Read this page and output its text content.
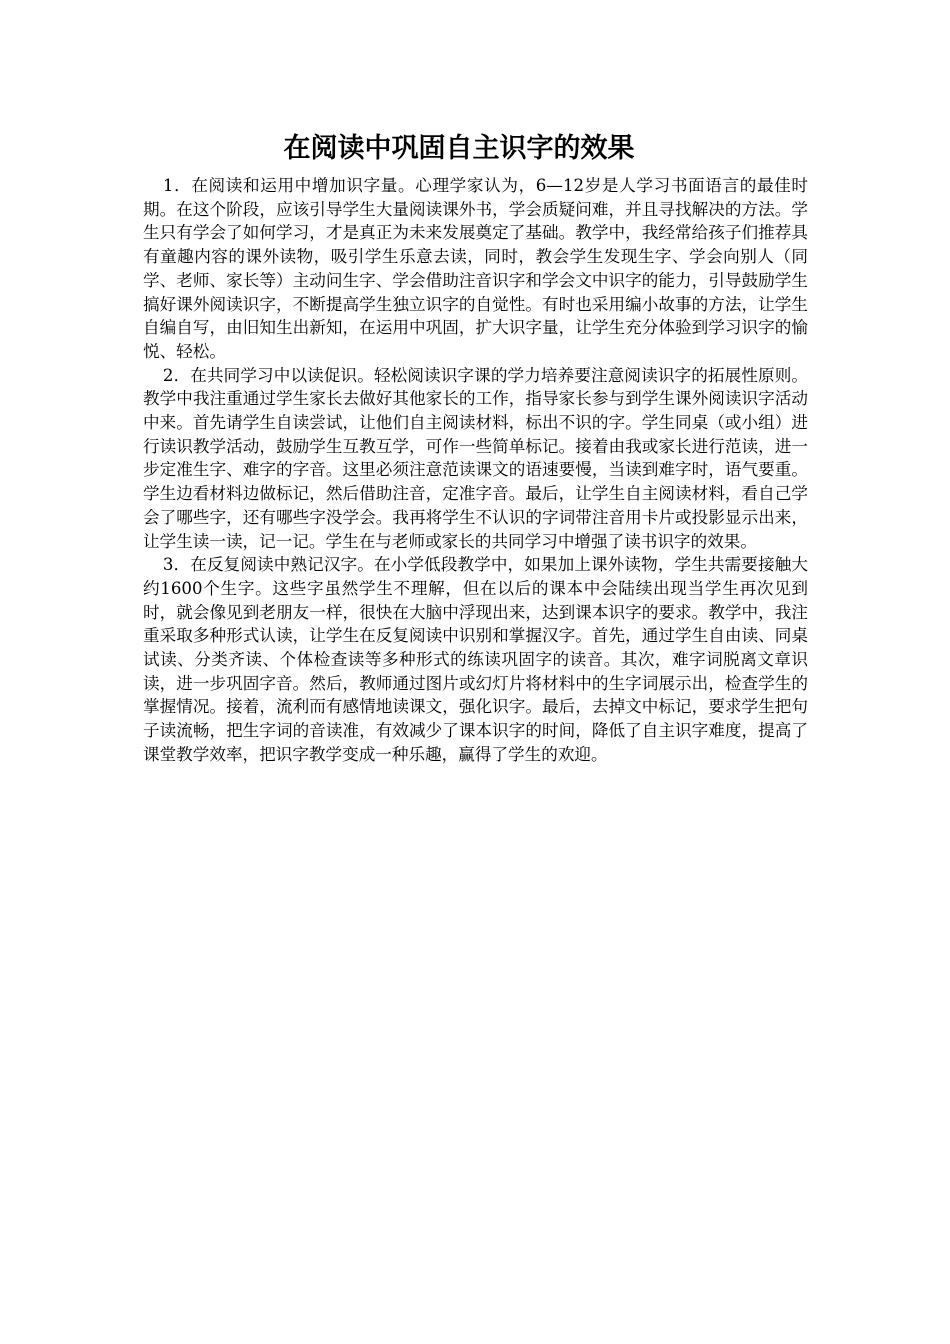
在阅读中巩固自主识字的效果

1．在阅读和运用中增加识字量。心理学家认为，6—12岁是人学习书面语言的最佳时期。在这个阶段，应该引导学生大量阅读课外书，学会质疑问难，并且寻找解决的方法。学生只有学会了如何学习，才是真正为未来发展奠定了基础。教学中，我经常给孩子们推荐具有童趣内容的课外读物，吸引学生乐意去读，同时，教会学生发现生字、学会向别人（同学、老师、家长等）主动问生字、学会借助注音识字和学会文中识字的能力，引导鼓励学生搞好课外阅读识字，不断提高学生独立识字的自觉性。有时也采用编小故事的方法，让学生自编自写，由旧知生出新知，在运用中巩固，扩大识字量，让学生充分体验到学习识字的愉悦、轻松。

2．在共同学习中以读促识。轻松阅读识字课的学力培养要注意阅读识字的拓展性原则。教学中我注重通过学生家长去做好其他家长的工作，指导家长参与到学生课外阅读识字活动中来。首先请学生自读尝试，让他们自主阅读材料，标出不识的字。学生同桌（或小组）进行读识教学活动，鼓励学生互教互学，可作一些简单标记。接着由我或家长进行范读，进一步定准生字、难字的字音。这里必须注意范读课文的语速要慢，当读到难字时，语气要重。学生边看材料边做标记，然后借助注音，定准字音。最后，让学生自主阅读材料，看自己学会了哪些字，还有哪些字没学会。我再将学生不认识的字词带注音用卡片或投影显示出来，让学生读一读，记一记。学生在与老师或家长的共同学习中增强了读书识字的效果。

3．在反复阅读中熟记汉字。在小学低段教学中，如果加上课外读物，学生共需要接触大约1600个生字。这些字虽然学生不理解，但在以后的课本中会陆续出现当学生再次见到时，就会像见到老朋友一样，很快在大脑中浮现出来，达到课本识字的要求。教学中，我注重采取多种形式认读，让学生在反复阅读中识别和掌握汉字。首先，通过学生自由读、同桌试读、分类齐读、个体检查读等多种形式的练读巩固字的读音。其次，难字词脱离文章识读，进一步巩固字音。然后，教师通过图片或幻灯片将材料中的生字词展示出，检查学生的掌握情况。接着，流利而有感情地读课文，强化识字。最后，去掉文中标记，要求学生把句子读流畅，把生字词的音读准，有效减少了课本识字的时间，降低了自主识字难度，提高了课堂教学效率，把识字教学变成一种乐趣，赢得了学生的欢迎。
